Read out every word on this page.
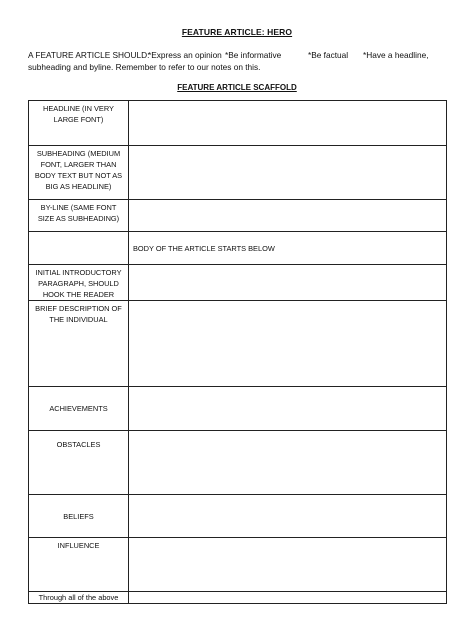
FEATURE ARTICLE: HERO
A FEATURE ARTICLE SHOULD:
*Express an opinion *Be informative	*Be factual *Have a headline,
subheading and byline. Remember to refer to our notes on this.
FEATURE ARTICLE SCAFFOLD
HEADLINE (IN VERY LARGE FONT)	
SUBHEADING (MEDIUM FONT, LARGER THAN BODY TEXT BUT NOT AS BIG AS HEADLINE)	
BY-LINE (SAME FONT SIZE AS SUBHEADING)	
	BODY OF THE ARTICLE STARTS BELOW
INITIAL INTRODUCTORY PARAGRAPH, SHOULD HOOK THE READER	
BRIEF DESCRIPTION OF THE INDIVIDUAL	
ACHIEVEMENTS	
OBSTACLES	
BELIEFS	
INFLUENCE	
Through all of the above	
